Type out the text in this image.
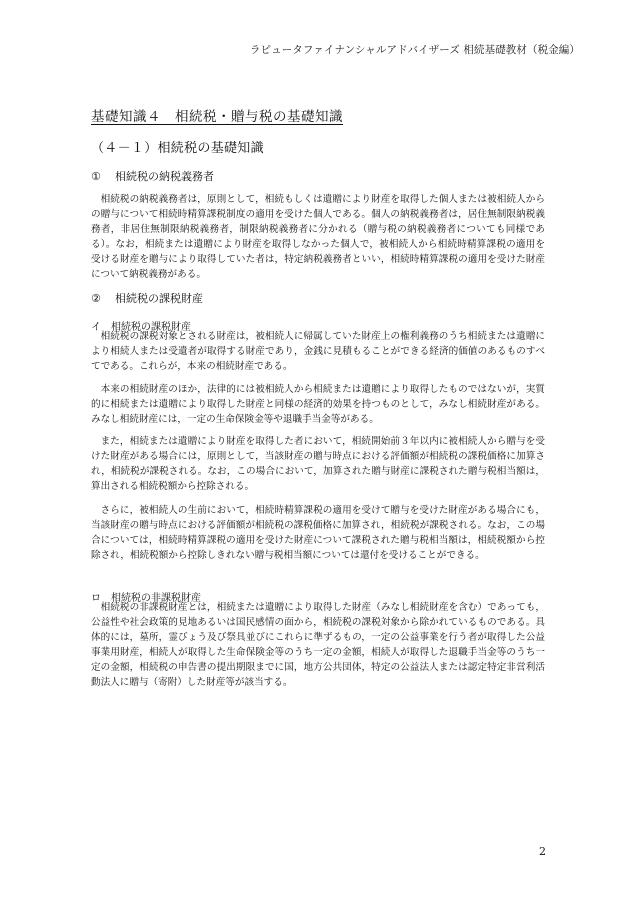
ラピュータファイナンシャルアドバイザーズ 相続基礎教材（税金編）
基礎知識４　相続税・贈与税の基礎知識
（４－１）相続税の基礎知識
① 相続税の納税義務者

相続税の納税義務者は，原則として，相続もしくは遺贈により財産を取得した個人または被相続人からの贈与について相続時精算課税制度の適用を受けた個人である。個人の納税義務者は，居住無制限納税義務者，非居住無制限納税義務者，制限納税義務者に分かれる（贈与税の納税義務者についても同様である）。なお，相続または遺贈により財産を取得しなかった個人で，被相続人から相続時精算課税の適用を受ける財産を贈与により取得していた者は，特定納税義務者といい，相続時精算課税の適用を受けた財産について納税義務がある。

② 相続税の課税財産
イ　相続税の課税財産

相続税の課税対象とされる財産は，被相続人に帰属していた財産上の権利義務のうち相続または遺贈により相続人または受遺者が取得する財産であり，金銭に見積もることができる経済的価値のあるものすべてである。これらが，本来の相続財産である。

本来の相続財産のほか，法律的には被相続人から相続または遺贈により取得したものではないが，実質的に相続または遺贈により取得した財産と同様の経済的効果を持つものとして，みなし相続財産がある。みなし相続財産には，一定の生命保険金等や退職手当金等がある。

また，相続または遺贈により財産を取得した者において，相続開始前３年以内に被相続人から贈与を受けた財産がある場合には，原則として，当該財産の贈与時点における評価額が相続税の課税価格に加算され，相続税が課税される。なお，この場合において，加算された贈与財産に課税された贈与税相当額は，算出される相続税額から控除される。

さらに，被相続人の生前において，相続時精算課税の適用を受けて贈与を受けた財産がある場合にも，当該財産の贈与時点における評価額が相続税の課税価格に加算され，相続税が課税される。なお，この場合については，相続時精算課税の適用を受けた財産について課税された贈与税相当額は，相続税額から控除され，相続税額から控除しきれない贈与税相当額については還付を受けることができる。

ロ　相続税の非課税財産

相続税の非課税財産とは，相続または遺贈により取得した財産（みなし相続財産を含む）であっても，公益性や社会政策的見地あるいは国民感情の面から，相続税の課税対象から除かれているものである。具体的には，墓所，霊びょう及び祭具並びにこれらに準ずるもの，一定の公益事業を行う者が取得した公益事業用財産，相続人が取得した生命保険金等のうち一定の金額，相続人が取得した退職手当金等のうち一定の金額，相続税の申告書の提出期限までに国，地方公共団体，特定の公益法人または認定特定非営利活動法人に贈与（寄附）した財産等が該当する。

2
